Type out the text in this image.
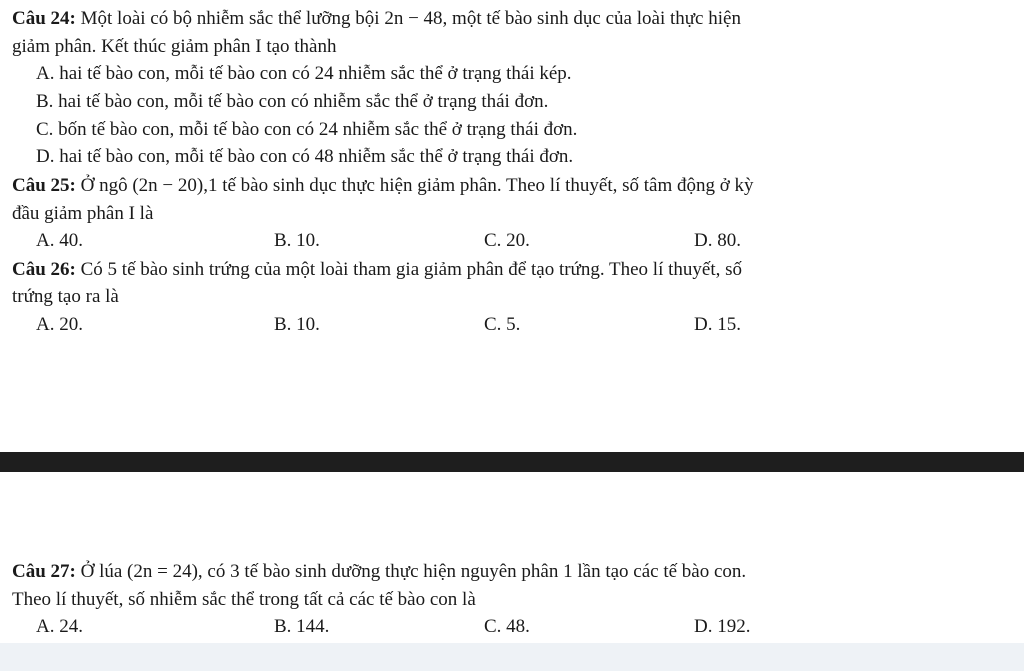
Câu 24: Một loài có bộ nhiễm sắc thể lưỡng bội 2n − 48, một tế bào sinh dục của loài thực hiện
giảm phân. Kết thúc giảm phân I tạo thành
A. hai tế bào con, mỗi tế bào con có 24 nhiễm sắc thể ở trạng thái kép.
B. hai tế bào con, mỗi tế bào con có nhiễm sắc thể ở trạng thái đơn.
C. bốn tế bào con, mỗi tế bào con có 24 nhiễm sắc thể ở trạng thái đơn.
D. hai tế bào con, mỗi tế bào con có 48 nhiễm sắc thể ở trạng thái đơn.
Câu 25: Ở ngô (2n − 20),1 tế bào sinh dục thực hiện giảm phân. Theo lí thuyết, số tâm động ở kỳ
đầu giảm phân I là
A. 40.	B. 10.	C. 20.	D. 80.
Câu 26: Có 5 tế bào sinh trứng của một loài tham gia giảm phân để tạo trứng. Theo lí thuyết, số
trứng tạo ra là
A. 20.	B. 10.	C. 5.	D. 15.
Câu 27: Ở lúa (2n = 24), có 3 tế bào sinh dưỡng thực hiện nguyên phân 1 lần tạo các tế bào con.
Theo lí thuyết, số nhiễm sắc thể trong tất cả các tế bào con là
A. 24.	B. 144.	C. 48.	D. 192.
